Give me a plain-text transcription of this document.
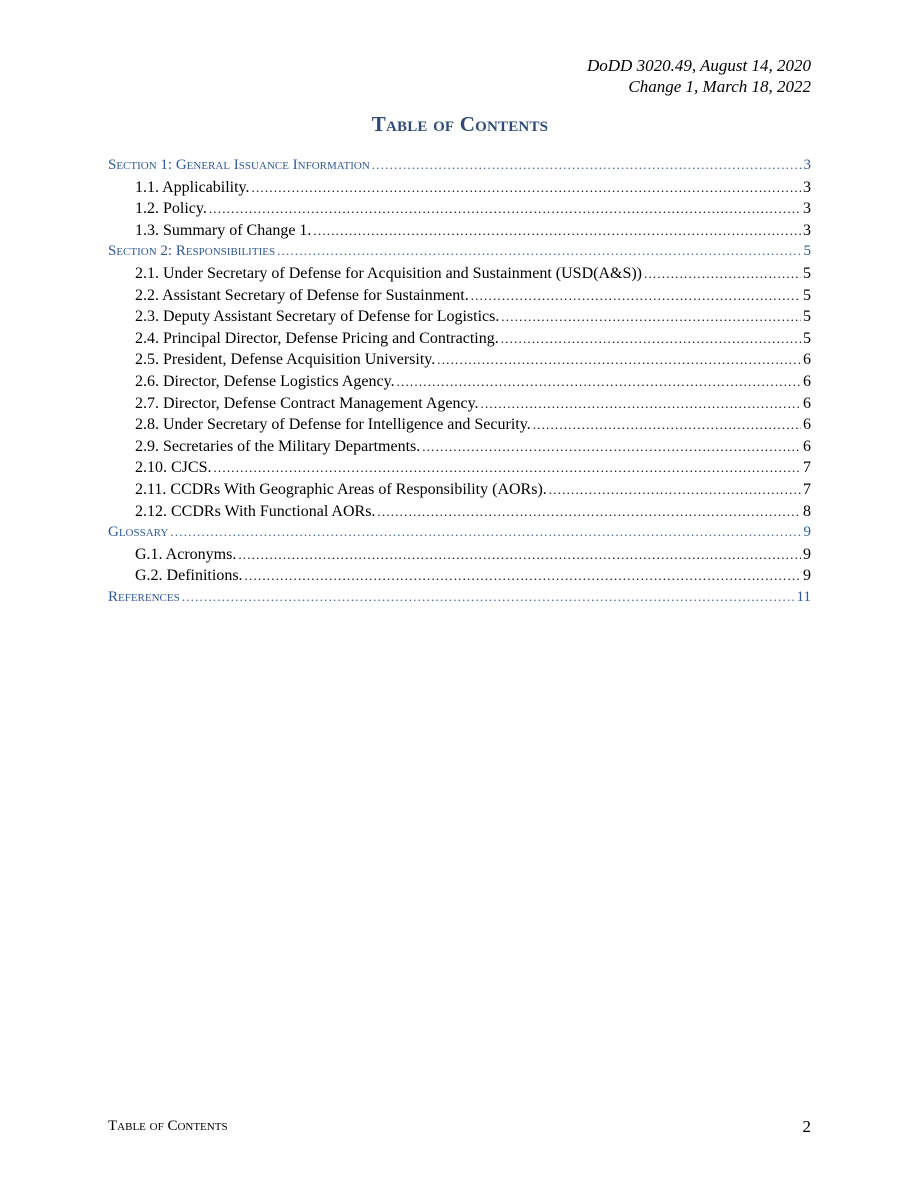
DoDD 3020.49, August 14, 2020
Change 1, March 18, 2022
Table of Contents
Section 1: General Issuance Information .....	3
1.1. Applicability. .....	3
1.2. Policy. .....	3
1.3. Summary of Change 1. .....	3
Section 2: Responsibilities .....	5
2.1. Under Secretary of Defense for Acquisition and Sustainment (USD(A&S)) .....	5
2.2. Assistant Secretary of Defense for Sustainment. .....	5
2.3. Deputy Assistant Secretary of Defense for Logistics. .....	5
2.4. Principal Director, Defense Pricing and Contracting. .....	5
2.5. President, Defense Acquisition University. .....	6
2.6. Director, Defense Logistics Agency. .....	6
2.7. Director, Defense Contract Management Agency. .....	6
2.8. Under Secretary of Defense for Intelligence and Security. .....	6
2.9. Secretaries of the Military Departments. .....	6
2.10. CJCS. .....	7
2.11. CCDRs With Geographic Areas of Responsibility (AORs). .....	7
2.12. CCDRs With Functional AORs. .....	8
Glossary .....	9
G.1. Acronyms. .....	9
G.2. Definitions. .....	9
References .....	11
Table of Contents	2
